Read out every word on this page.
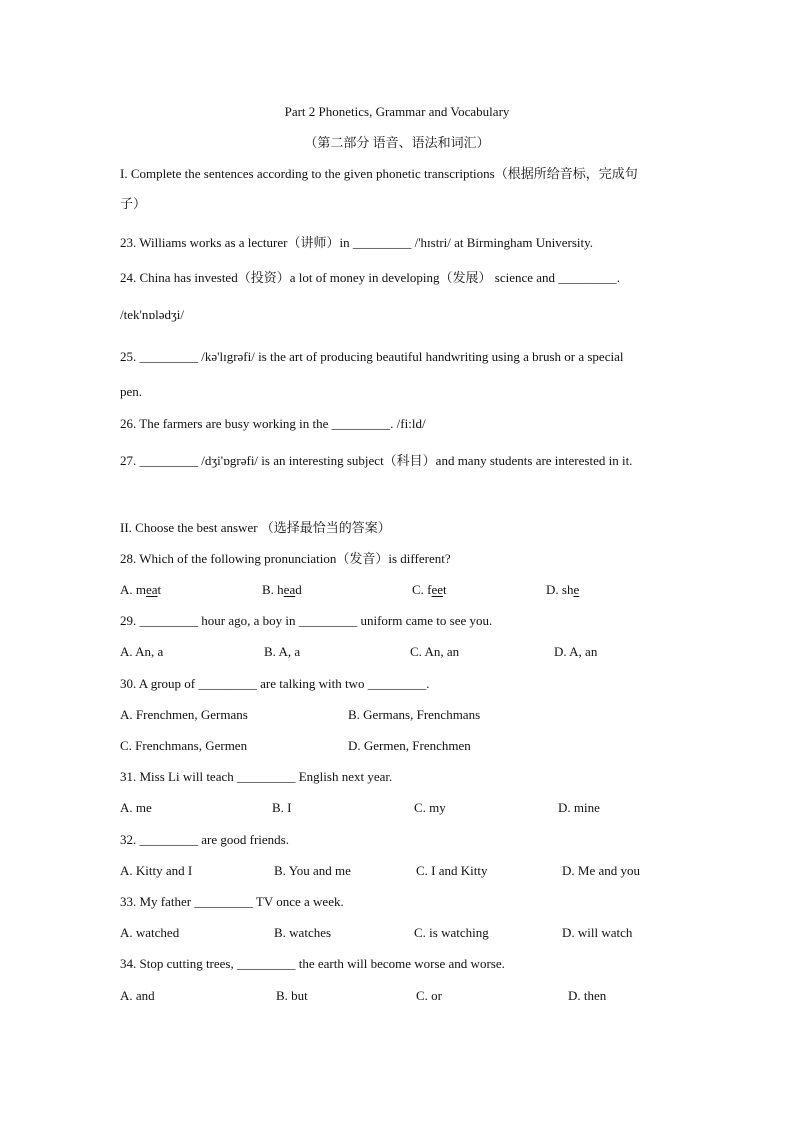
Part 2 Phonetics, Grammar and Vocabulary
（第二部分 语音、语法和词汇）
I. Complete the sentences according to the given phonetic transcriptions（根据所给音标，完成句
子）
23. Williams works as a lecturer（讲师）in _________ /'hɪstri/ at Birmingham University.
24. China has invested（投资）a lot of money in developing（发展） science and _________.
/tek'nɒlədʒi/
25. _________ /kə'lɪgrəfi/ is the art of producing beautiful handwriting using a brush or a special
pen.
26. The farmers are busy working in the _________. /fi:ld/
27. _________ /dʒi'ɒgrəfi/ is an interesting subject（科目）and many students are interested in it.
II. Choose the best answer （选择最恰当的答案）
28. Which of the following pronunciation（发音）is different?
A. meat	B. head	C. feet	D. she
29. _________ hour ago, a boy in _________ uniform came to see you.
A. An, a	B. A, a	C. An, an	D. A, an
30. A group of _________ are talking with two _________.
A. Frenchmen, Germans	B. Germans, Frenchmans
C. Frenchmans, Germen	D. Germen, Frenchmen
31. Miss Li will teach _________ English next year.
A. me	B. I	C. my	D. mine
32. _________ are good friends.
A. Kitty and I	B. You and me	C. I and Kitty	D. Me and you
33. My father _________ TV once a week.
A. watched	B. watches	C. is watching	D. will watch
34. Stop cutting trees, _________ the earth will become worse and worse.
A. and	B. but	C. or	D. then
